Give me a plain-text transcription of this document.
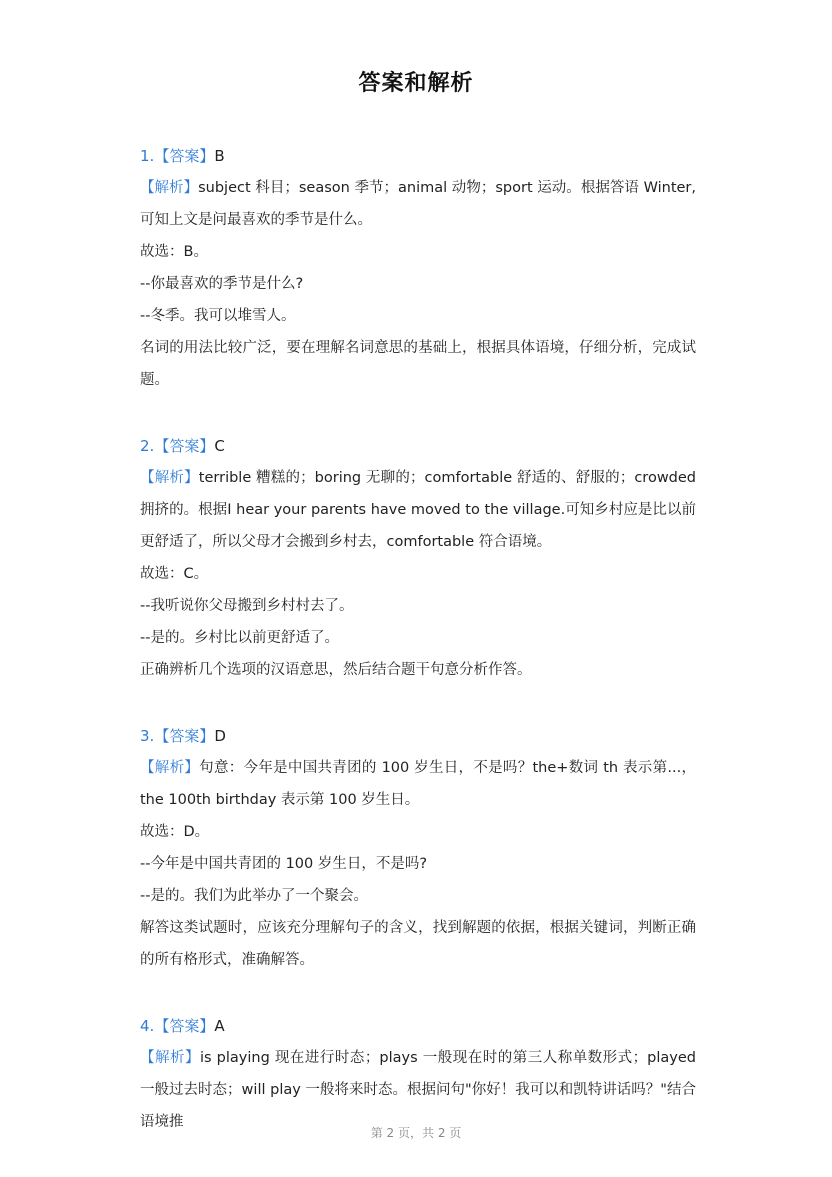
答案和解析
1.【答案】B

【解析】subject 科目；season 季节；animal 动物；sport 运动。根据答语 Winter,可知上文是问最喜欢的季节是什么。

故选：B。

--你最喜欢的季节是什么?

--冬季。我可以堆雪人。

名词的用法比较广泛，要在理解名词意思的基础上，根据具体语境，仔细分析，完成试题。

2.【答案】C

【解析】terrible 糟糕的；boring 无聊的；comfortable 舒适的、舒服的；crowded 拥挤的。根据I hear your parents have moved to the village.可知乡村应是比以前更舒适了，所以父母才会搬到乡村去，comfortable 符合语境。

故选：C。

--我听说你父母搬到乡村村去了。

--是的。乡村比以前更舒适了。

正确辨析几个选项的汉语意思，然后结合题干句意分析作答。

3.【答案】D

【解析】句意：今年是中国共青团的 100 岁生日，不是吗？the+数词 th 表示第...，the 100th birthday 表示第 100 岁生日。

故选：D。

--今年是中国共青团的 100 岁生日，不是吗?

--是的。我们为此举办了一个聚会。

解答这类试题时，应该充分理解句子的含义，找到解题的依据，根据关键词，判断正确的所有格形式，准确解答。

4.【答案】A

【解析】is playing 现在进行时态；plays 一般现在时的第三人称单数形式；played 一般过去时态；will play 一般将来时态。根据问句"你好！我可以和凯特讲话吗？"结合语境推

第 2 页，共 2 页
